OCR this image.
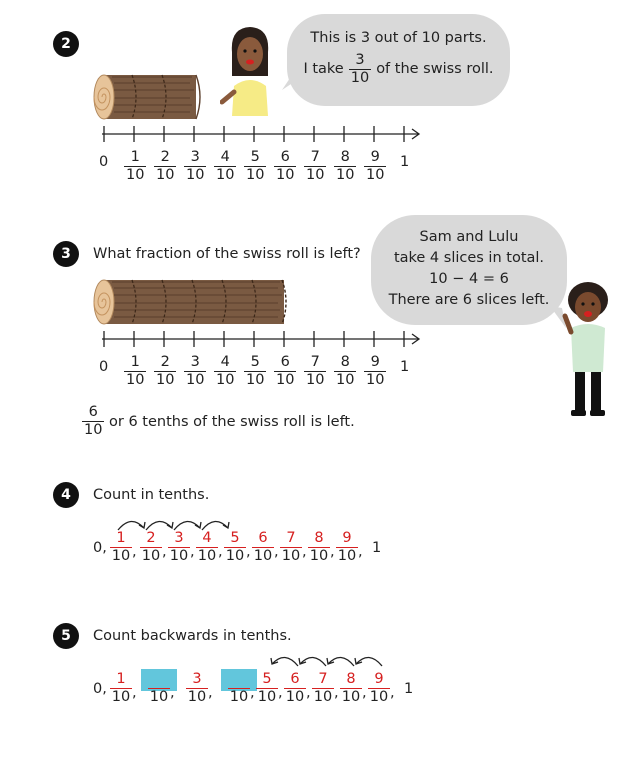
2	This is 3 out of 10 parts.
I take $\frac{3}{10}$ of the swiss roll.
0	1
$\frac{1}{10} \frac{2}{10} \frac{3}{10} \frac{4}{10} \frac{5}{10} \frac{6}{10} \frac{7}{10} \frac{8}{10} \frac{9}{10}$
3	What fraction of the swiss roll is left?
Sam and Lulu
take 4 slices in total.
10 − 4 = 6
There are 6 slices left.
0	1
$\frac{1}{10} \frac{2}{10} \frac{3}{10} \frac{4}{10} \frac{5}{10} \frac{6}{10} \frac{7}{10} \frac{8}{10} \frac{9}{10}$
$\frac{6}{10}$ or 6 tenths of the swiss roll is left.
4	Count in tenths.
0, $\frac{1}{10}$ , $\frac{2}{10}$ , $\frac{3}{10}$ , $\frac{4}{10}$ , $\frac{5}{10}$ , $\frac{6}{10}$ , $\frac{7}{10}$ , $\frac{8}{10}$ , $\frac{9}{10}$ , 1
5	Count backwards in tenths.
0, $\frac{1}{10}$ , 10 , $\frac{3}{10}$ , 10 , $\frac{5}{10}$ , $\frac{6}{10}$ , $\frac{7}{10}$ , $\frac{8}{10}$ , $\frac{9}{10}$ , 1
